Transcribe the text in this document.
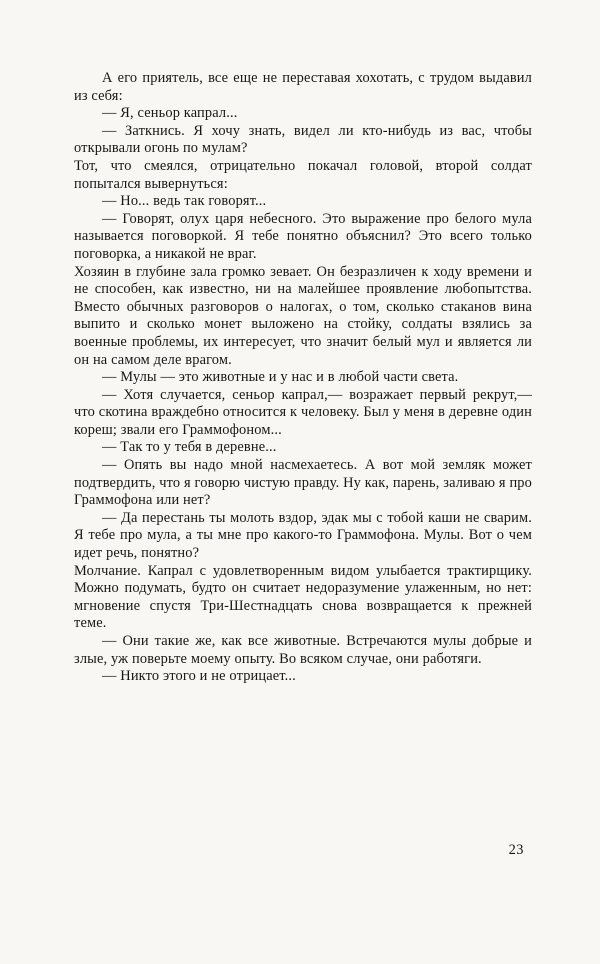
А его приятель, все еще не переставая хохотать, с трудом выдавил из себя:

— Я, сеньор капрал...

— Заткнись. Я хочу знать, видел ли кто-нибудь из вас, чтобы открывали огонь по мулам?

Тот, что смеялся, отрицательно покачал головой, второй солдат попытался вывернуться:

— Но... ведь так говорят...

— Говорят, олух царя небесного. Это выражение про белого мула называется поговоркой. Я тебе понятно объяснил? Это всего только поговорка, а никакой не враг.

Хозяин в глубине зала громко зевает. Он безразличен к ходу времени и не способен, как известно, ни на малейшее проявление любопытства. Вместо обычных разговоров о налогах, о том, сколько стаканов вина выпито и сколько монет выложено на стойку, солдаты взялись за военные проблемы, их интересует, что значит белый мул и является ли он на самом деле врагом.

— Мулы — это животные и у нас и в любой части света.

— Хотя случается, сеньор капрал,— возражает первый рекрут,— что скотина враждебно относится к человеку. Был у меня в деревне один кореш; звали его Граммофоном...

— Так то у тебя в деревне...

— Опять вы надо мной насмехаетесь. А вот мой земляк может подтвердить, что я говорю чистую правду. Ну как, парень, заливаю я про Граммофона или нет?

— Да перестань ты молоть вздор, эдак мы с тобой каши не сварим. Я тебе про мула, а ты мне про какого-то Граммофона. Мулы. Вот о чем идет речь, понятно?

Молчание. Капрал с удовлетворенным видом улыбается трактирщику. Можно подумать, будто он считает недоразумение улаженным, но нет: мгновение спустя Три-Шестнадцать снова возвращается к прежней теме.

— Они такие же, как все животные. Встречаются мулы добрые и злые, уж поверьте моему опыту. Во всяком случае, они работяги.

— Никто этого и не отрицает...

23
